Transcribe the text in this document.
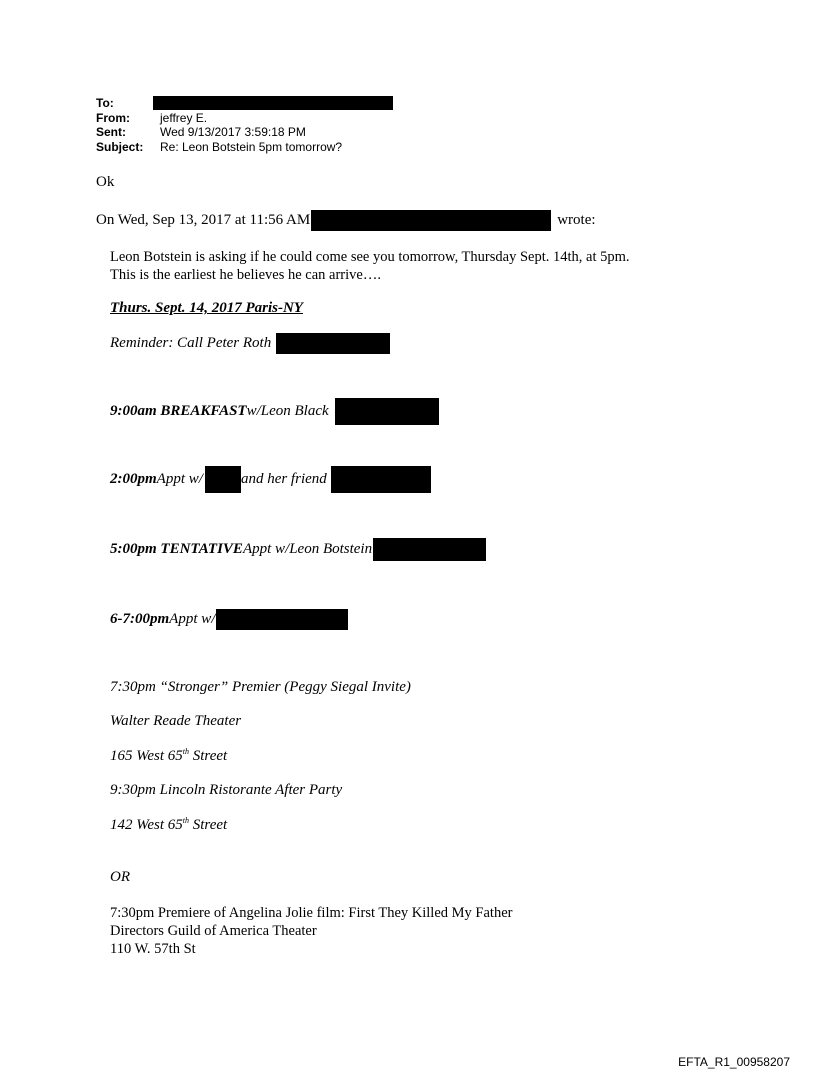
To:
From:	jeffrey E.
Sent:	Wed 9/13/2017 3:59:18 PM
Subject:	Re: Leon Botstein 5pm tomorrow?
Ok
On Wed, Sep 13, 2017 at 11:56 AM	wrote:
Leon Botstein is asking if he could come see you tomorrow, Thursday Sept. 14th, at 5pm.
This is the earliest he believes he can arrive….
Thurs. Sept. 14, 2017 Paris-NY
Reminder: Call Peter Roth
9:00am BREAKFAST w/Leon Black
2:00pm Appt w/	and her friend
5:00pm TENTATIVE Appt w/Leon Botstein
6-7:00pm Appt w/
7:30pm “Stronger” Premier (Peggy Siegal Invite)
Walter Reade Theater
165 West 65th Street
9:30pm Lincoln Ristorante After Party
142 West 65th Street
OR
7:30pm Premiere of Angelina Jolie film: First They Killed My Father
Directors Guild of America Theater
110 W. 57th St
EFTA_R1_00958207
